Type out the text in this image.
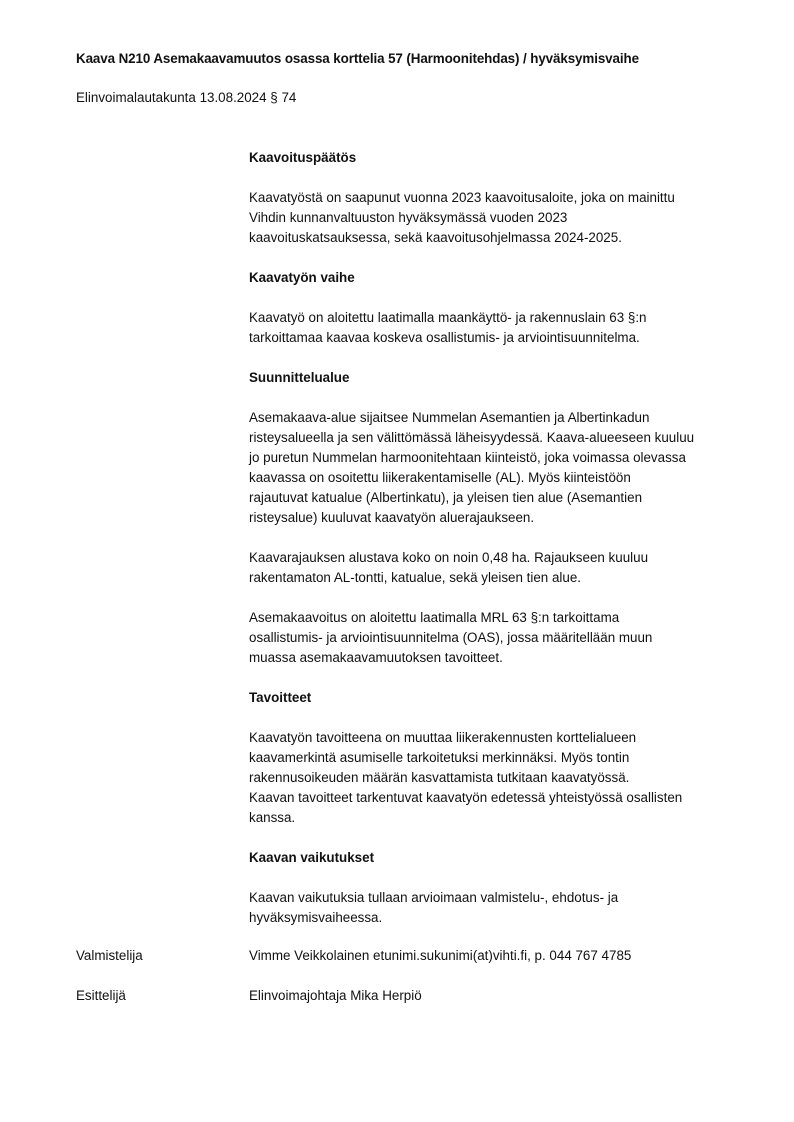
Kaava N210 Asemakaavamuutos osassa korttelia 57 (Harmoonitehdas) / hyväksymisvaihe
Elinvoimalautakunta 13.08.2024 § 74

Kaavoituspäätös

Kaavatyöstä on saapunut vuonna 2023 kaavoitusaloite, joka on mainittu
Vihdin kunnanvaltuuston hyväksymässä vuoden 2023
kaavoituskatsauksessa, sekä kaavoitusohjelmassa 2024-2025.

Kaavatyön vaihe

Kaavatyö on aloitettu laatimalla maankäyttö- ja rakennuslain 63 §:n
tarkoittamaa kaavaa koskeva osallistumis- ja arviointisuunnitelma.

Suunnittelualue

Asemakaava-alue sijaitsee Nummelan Asemantien ja Albertinkadun
risteysalueella ja sen välittömässä läheisyydessä. Kaava-alueeseen kuuluu
jo puretun Nummelan harmoonitehtaan kiinteistö, joka voimassa olevassa
kaavassa on osoitettu liikerakentamiselle (AL). Myös kiinteistöön
rajautuvat katualue (Albertinkatu), ja yleisen tien alue (Asemantien
risteysalue) kuuluvat kaavatyön aluerajaukseen.

Kaavarajauksen alustava koko on noin 0,48 ha. Rajaukseen kuuluu
rakentamaton AL-tontti, katualue, sekä yleisen tien alue.

Asemakaavoitus on aloitettu laatimalla MRL 63 §:n tarkoittama
osallistumis- ja arviointisuunnitelma (OAS), jossa määritellään muun
muassa asemakaavamuutoksen tavoitteet.

Tavoitteet

Kaavatyön tavoitteena on muuttaa liikerakennusten korttelialueen
kaavamerkintä asumiselle tarkoitetuksi merkinnäksi. Myös tontin
rakennusoikeuden määrän kasvattamista tutkitaan kaavatyössä.
Kaavan tavoitteet tarkentuvat kaavatyön edetessä yhteistyössä osallisten
kanssa.

Kaavan vaikutukset

Kaavan vaikutuksia tullaan arvioimaan valmistelu-, ehdotus- ja
hyväksymisvaiheessa.

Valmistelija	Vimme Veikkolainen etunimi.sukunimi(at)vihti.fi, p. 044 767 4785
Esittelijä	Elinvoimajohtaja Mika Herpiö
